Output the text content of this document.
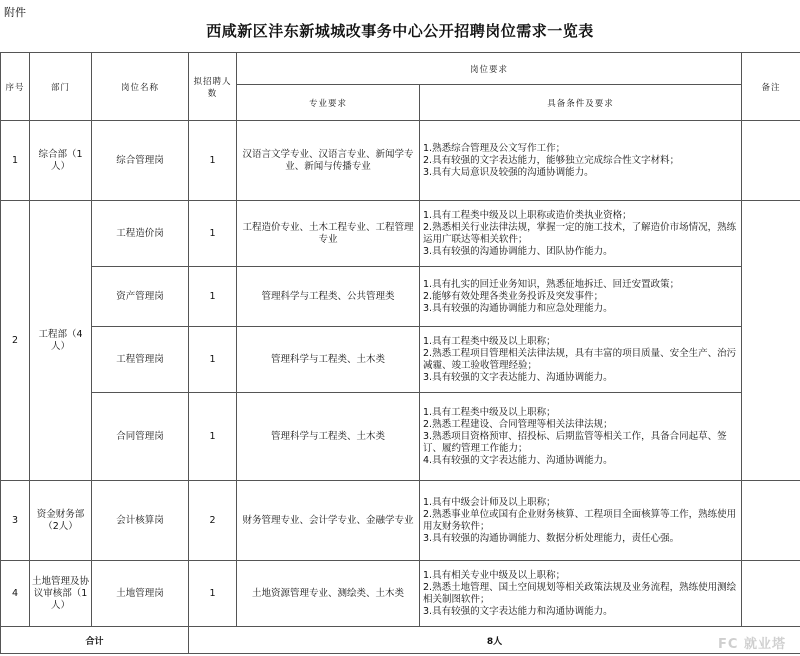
附件
西咸新区沣东新城城改事务中心公开招聘岗位需求一览表
序号	部门	岗位名称	拟招聘人数	岗位要求		备注
				专业要求	具备条件及要求	
1	综合部（1人）	综合管理岗	1	汉语言文学专业、汉语言专业、新闻学专业、新闻与传播专业	1.熟悉综合管理及公文写作工作；
2.具有较强的文字表达能力，能够独立完成综合性文字材料；
3.具有大局意识及较强的沟通协调能力。	

2	工程部（4人）	工程造价岗	1	工程造价专业、土木工程专业、工程管理专业	1.具有工程类中级及以上职称或造价类执业资格；
2.熟悉相关行业法律法规，掌握一定的施工技术，了解造价市场情况，熟练运用广联达等相关软件；
3.具有较强的沟通协调能力、团队协作能力。	

		资产管理岗	1	管理科学与工程类、公共管理类	1.具有扎实的回迁业务知识，熟悉征地拆迁、回迁安置政策；
2.能够有效处理各类业务投诉及突发事件；
3.具有较强的沟通协调能力和应急处理能力。	

		工程管理岗	1	管理科学与工程类、土木类	1.具有工程类中级及以上职称；
2.熟悉工程项目管理相关法律法规，具有丰富的项目质量、安全生产、治污减霾、竣工验收管理经验；
3.具有较强的文字表达能力、沟通协调能力。	

		合同管理岗	1	管理科学与工程类、土木类	1.具有工程类中级及以上职称；
2.熟悉工程建设、合同管理等相关法律法规；
3.熟悉项目资格预审、招投标、后期监管等相关工作，具备合同起草、签订、履约管理工作能力；
4.具有较强的文字表达能力、沟通协调能力。	

3	资金财务部（2人）	会计核算岗	2	财务管理专业、会计学专业、金融学专业	1.具有中级会计师及以上职称；
2.熟悉事业单位或国有企业财务核算、工程项目全面核算等工作，熟练使用用友财务软件；
3.具有较强的沟通协调能力、数据分析处理能力，责任心强。	

4	土地管理及协议审核部（1人）	土地管理岗	1	土地资源管理专业、测绘类、土木类	1.具有相关专业中级及以上职称；
2.熟悉土地管理、国土空间规划等相关政策法规及业务流程，熟练使用测绘相关制图软件；
3.具有较强的文字表达能力和沟通协调能力。	

合计			8人				FC 就业塔
